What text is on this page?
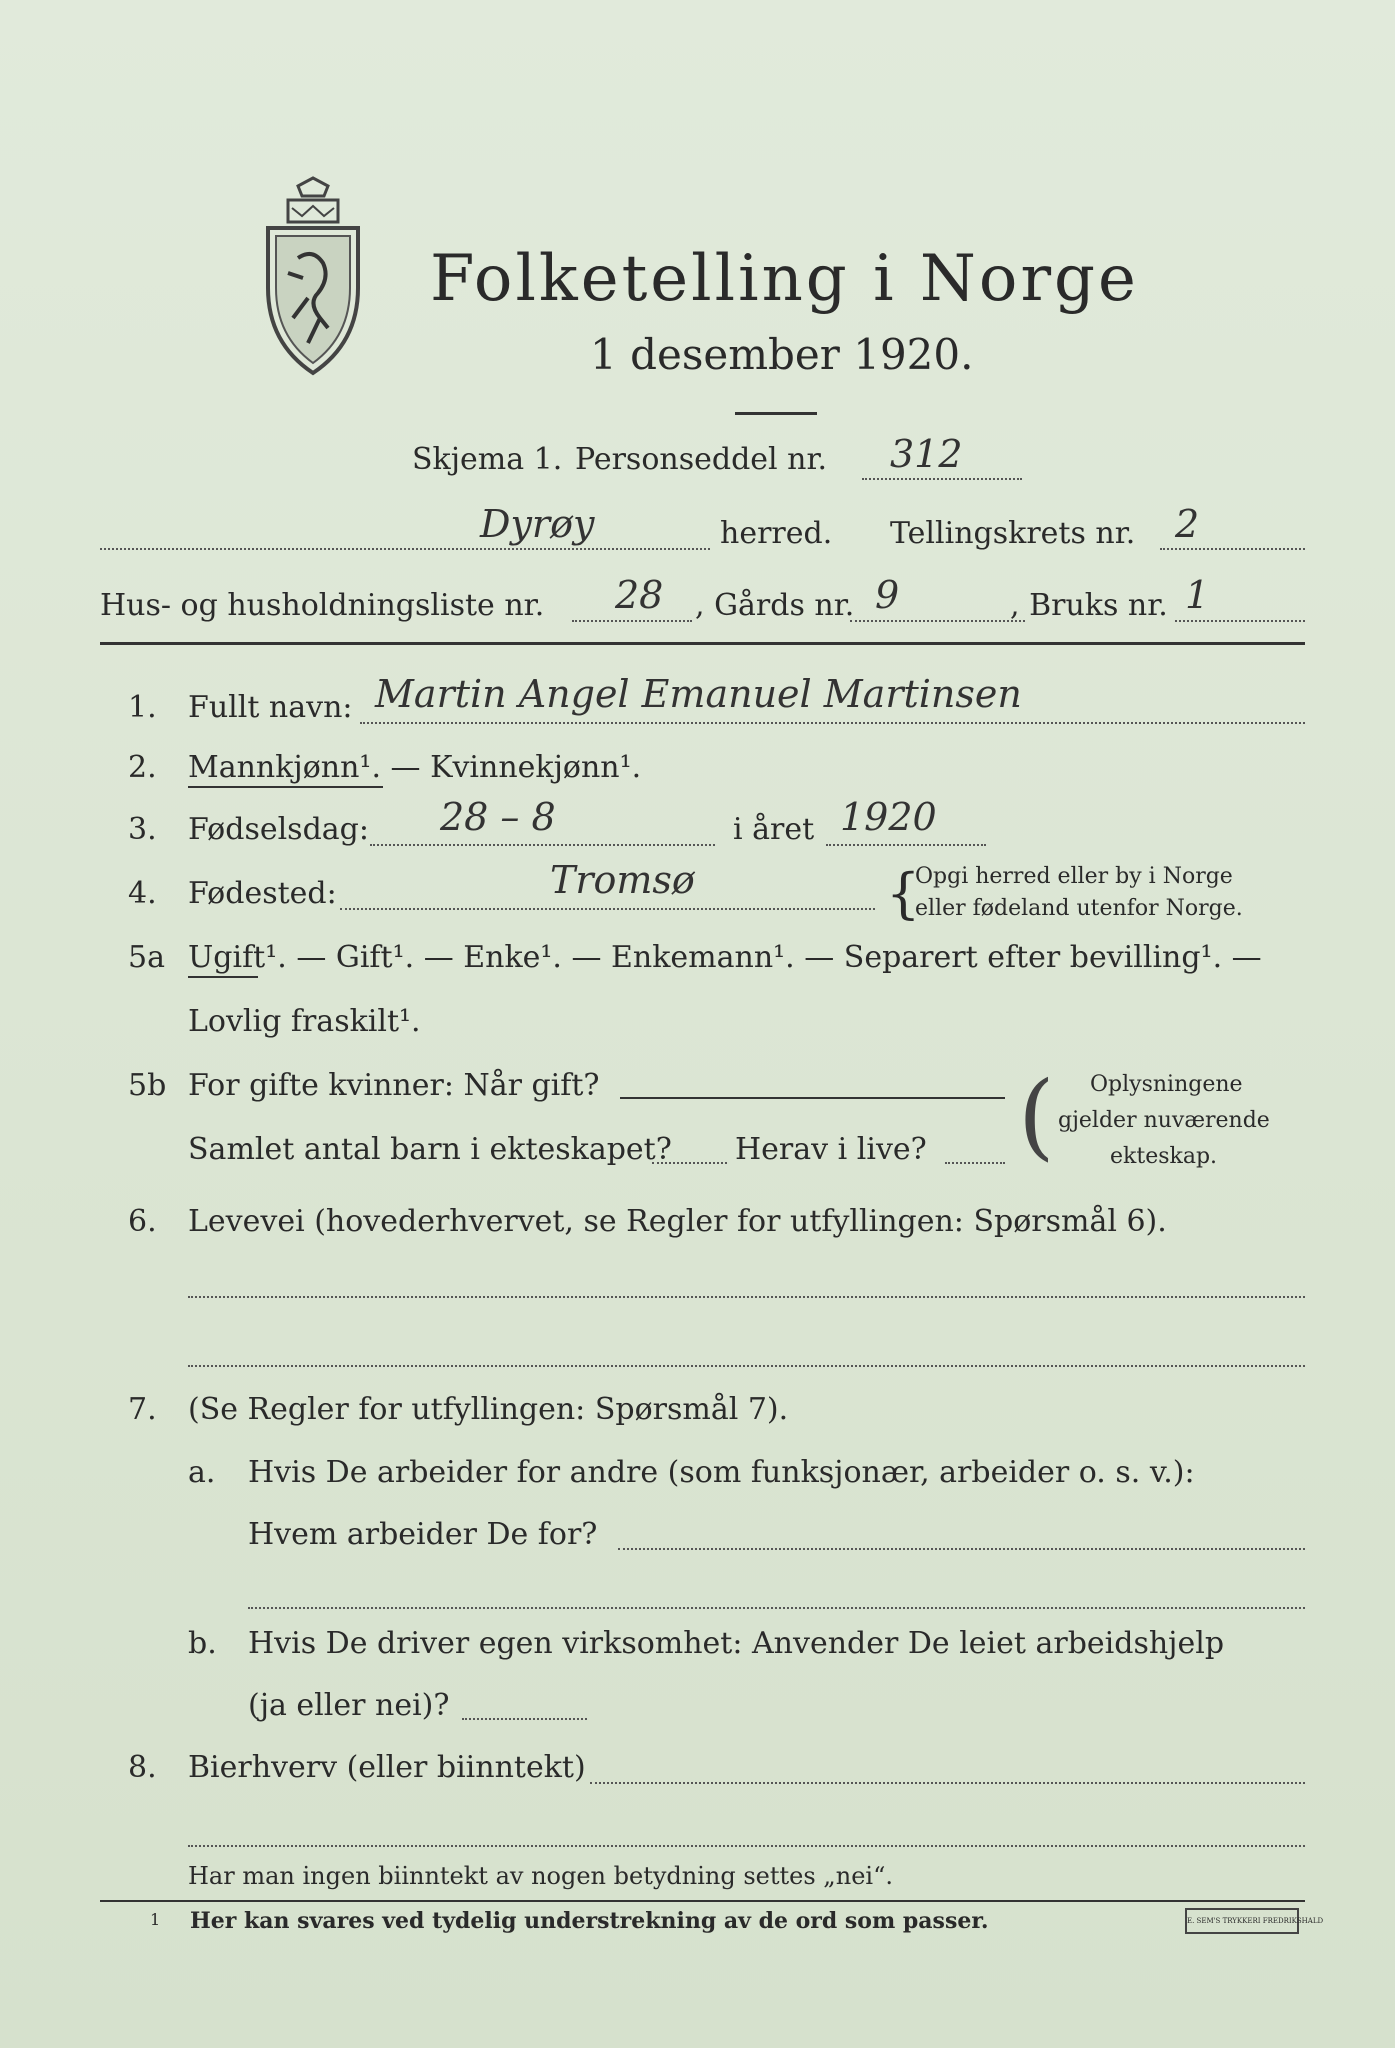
Folketelling i Norge
1 desember 1920.
Skjema 1. Personseddel nr. 312
Dyrøy	herred. Tellingskrets nr. 2
Hus- og husholdningsliste nr. 28 , Gårds nr. 9	, Bruks nr. 1
1. Fullt navn: Martin Angel Emanuel Martinsen
2. Mannkjønn¹. — Kvinnekjønn¹.
3. Fødselsdag: 28 – 8	i året 1920
4. Fødested:	Tromsø	{
Opgi herred eller by i Norge
eller fødeland utenfor Norge.
5a Ugift¹. — Gift¹. — Enke¹. — Enkemann¹. — Separert efter bevilling¹. —
Lovlig fraskilt¹.
5b For gifte kvinner: Når gift?
Samlet antal barn i ekteskapet? Herav i live? ( Oplysningene
gjelder nuværende
ekteskap.
6. Levevei (hovederhvervet, se Regler for utfyllingen: Spørsmål 6).
7. (Se Regler for utfyllingen: Spørsmål 7).
a. Hvis De arbeider for andre (som funksjonær, arbeider o. s. v.):
Hvem arbeider De for?
b. Hvis De driver egen virksomhet: Anvender De leiet arbeidshjelp
(ja eller nei)?
8. Bierhverv (eller biinntekt)
Har man ingen biinntekt av nogen betydning settes „nei“.
1 Her kan svares ved tydelig understrekning av de ord som passer.	E. SEM'S TRYKKERI FREDRIKSHALD
